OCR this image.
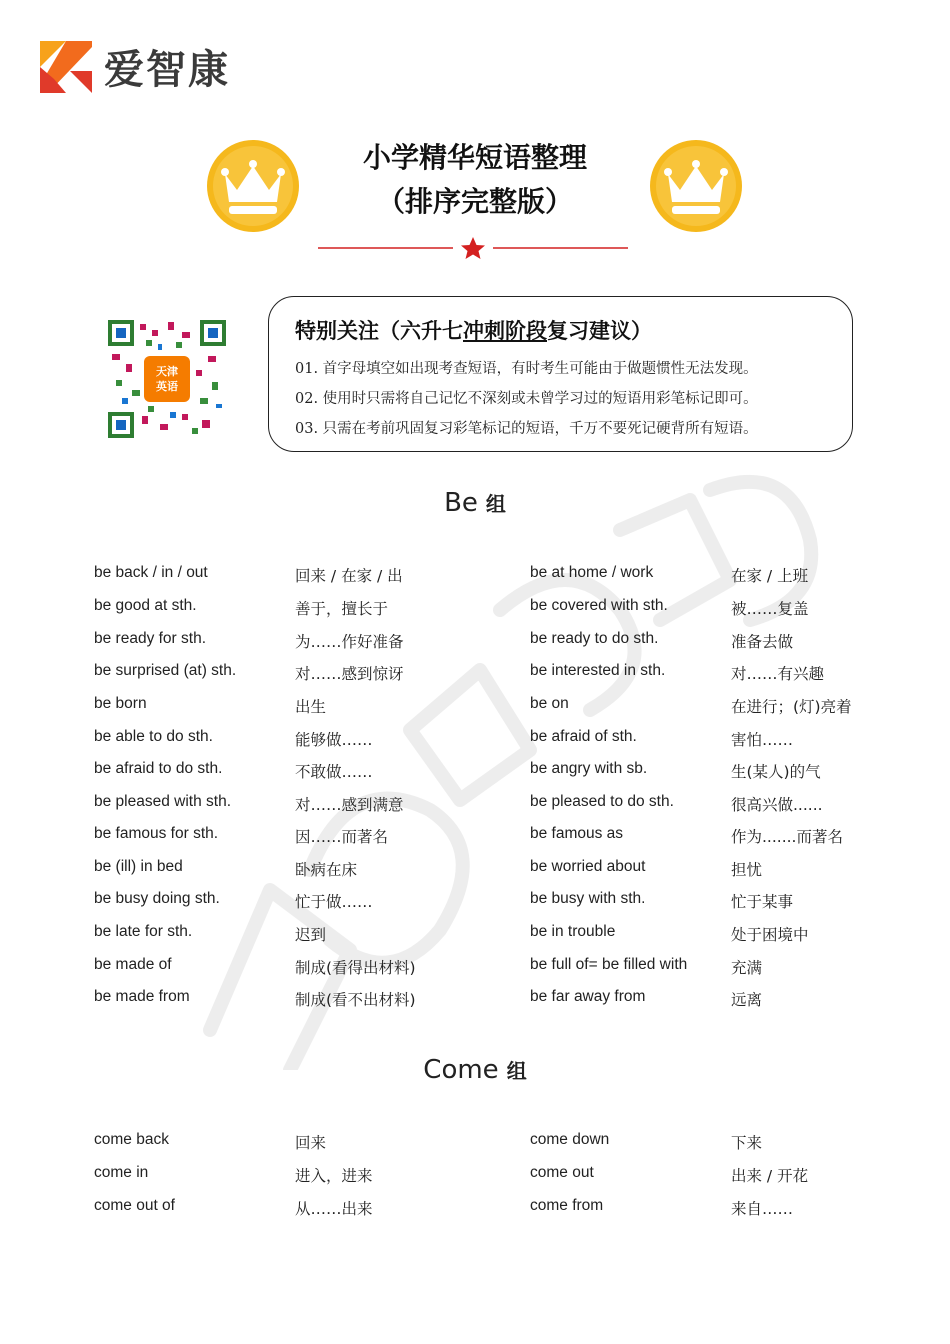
爱智康
小学精华短语整理
（排序完整版）
天津
英语
特别关注（六升七冲刺阶段复习建议）
01. 首字母填空如出现考查短语，有时考生可能由于做题惯性无法发现。
02. 使用时只需将自己记忆不深刻或未曾学习过的短语用彩笔标记即可。
03. 只需在考前巩固复习彩笔标记的短语，千万不要死记硬背所有短语。
Be 组
be back / in / out	回来 / 在家 / 出	be at home / work	在家 / 上班
be good at sth.	善于，擅长于	be covered with sth.	被……复盖
be ready for sth.	为……作好准备	be ready to do sth.	准备去做
be surprised (at) sth.	对……感到惊讶	be interested in sth.	对……有兴趣
be born	出生	be on	在进行；(灯)亮着
be able to do sth.	能够做……	be afraid of sth.	害怕……
be afraid to do sth.	不敢做……	be angry with sb.	生(某人)的气
be pleased with sth.	对……感到满意	be pleased to do sth.	很高兴做......
be famous for sth.	因……而著名	be famous as	作为.......而著名
be (ill) in bed	卧病在床	be worried about	担忧
be busy doing sth.	忙于做……	be busy with sth.	忙于某事
be late for sth.	迟到	be in trouble	处于困境中
be made of	制成(看得出材料)	be full of= be filled with	充满
be made from	制成(看不出材料)	be far away from	远离
Come 组
come back	回来	come down	下来
come in	进入，进来	come out	出来 / 开花
come out of	从……出来	come from	来自……
